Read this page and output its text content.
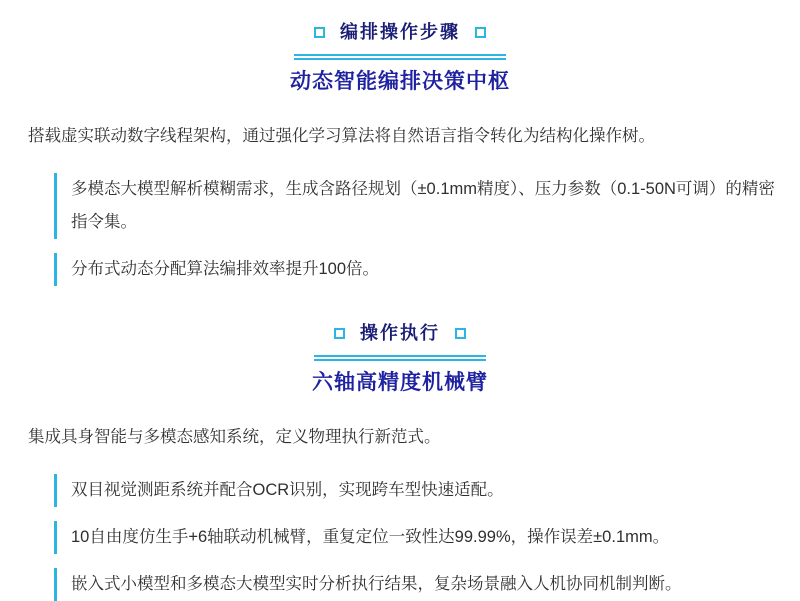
编排操作步骤
动态智能编排决策中枢

搭载虚实联动数字线程架构，通过强化学习算法将自然语言指令转化为结构化操作树。

多模态大模型解析模糊需求，生成含路径规划（±0.1mm精度）、压力参数（0.1-50N可调）的精密指令集。
分布式动态分配算法编排效率提升100倍。
操作执行
六轴高精度机械臂

集成具身智能与多模态感知系统，定义物理执行新范式。

双目视觉测距系统并配合OCR识别，实现跨车型快速适配。
10自由度仿生手+6轴联动机械臂，重复定位一致性达99.99%，操作误差±0.1mm。
嵌入式小模型和多模态大模型实时分析执行结果，复杂场景融入人机协同机制判断。
